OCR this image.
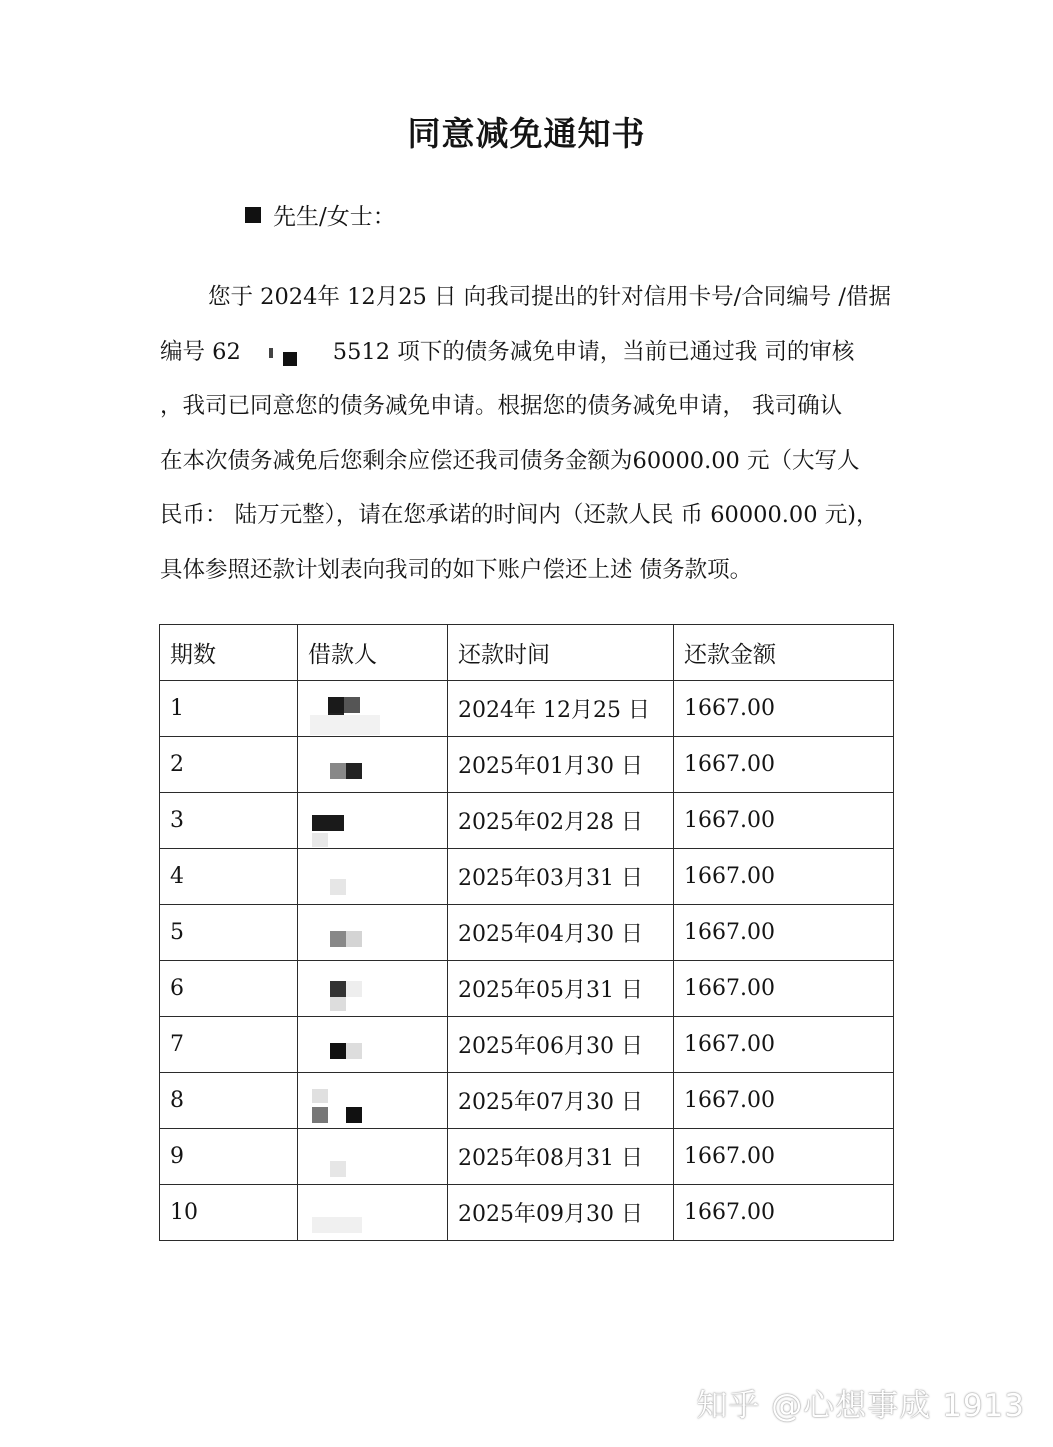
同意减免通知书
先生/女士：
您于 2024年 12月25 日 向我司提出的针对信用卡号/合同编号 /借据
编号 62	5512 项下的债务减免申请，当前已通过我 司的审核
，我司已同意您的债务减免申请。根据您的债务减免申请， 我司确认
在本次债务减免后您剩余应偿还我司债务金额为60000.00 元（大写人
民币： 陆万元整），请在您承诺的时间内（还款人民 币 60000.00 元)，
具体参照还款计划表向我司的如下账户偿还上述 债务款项。
期数	借款人	还款时间	还款金额
1		2024年 12月25 日	1667.00
2		2025年01月30 日	1667.00
3		2025年02月28 日	1667.00
4		2025年03月31 日	1667.00
5		2025年04月30 日	1667.00
6		2025年05月31 日	1667.00
7		2025年06月30 日	1667.00
8		2025年07月30 日	1667.00
9		2025年08月31 日	1667.00
10		2025年09月30 日	1667.00
知乎 @心想事成 1913
